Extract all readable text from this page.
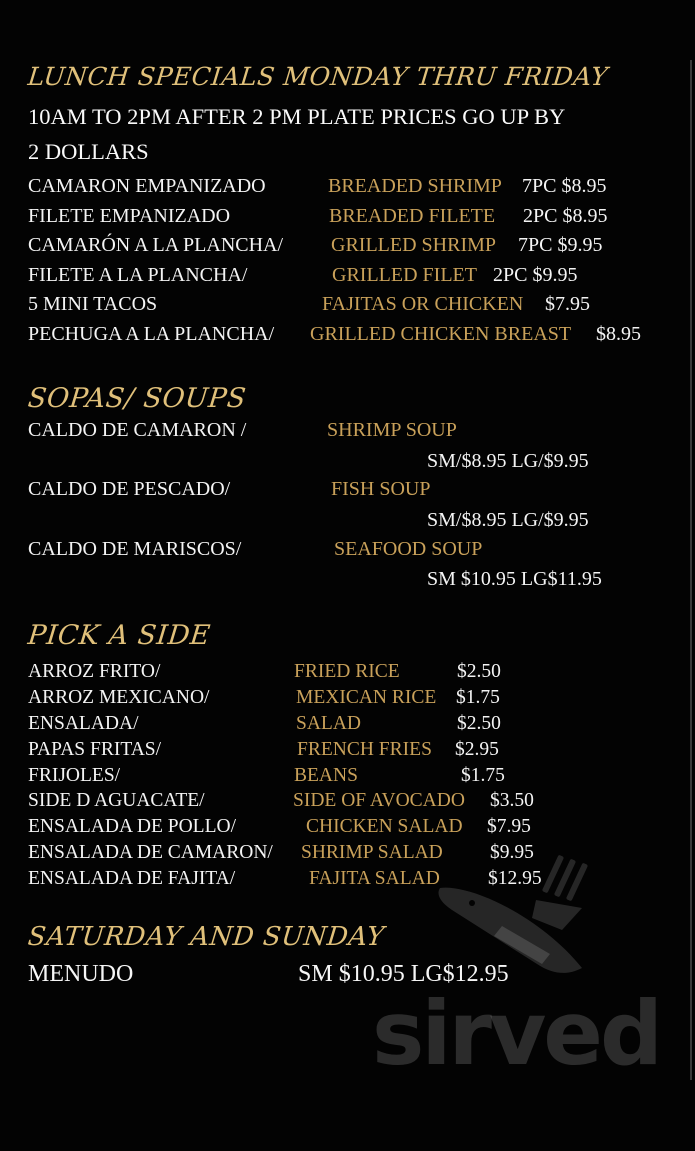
LUNCH SPECIALS MONDAY THRU FRIDAY
10AM TO 2PM AFTER 2 PM PLATE PRICES GO UP BY
2 DOLLARS
CAMARON EMPANIZADO	BREADED SHRIMP 7PC $8.95
FILETE EMPANIZADO	BREADED FILETE 2PC $8.95
CAMARÓN A LA PLANCHA/ GRILLED SHRIMP 7PC $9.95
FILETE A LA PLANCHA/	GRILLED FILET 2PC $9.95
5 MINI TACOS	FAJITAS OR CHICKEN $7.95
PECHUGA A LA PLANCHA/ GRILLED CHICKEN BREAST $8.95
SOPAS/ SOUPS
CALDO DE CAMARON /	SHRIMP SOUP
SM/$8.95 LG/$9.95
CALDO DE PESCADO/	FISH SOUP
SM/$8.95 LG/$9.95
CALDO DE MARISCOS/	SEAFOOD SOUP
SM $10.95 LG$11.95
PICK A SIDE
ARROZ FRITO/	FRIED RICE	$2.50
ARROZ MEXICANO/	MEXICAN RICE $1.75
ENSALADA/	SALAD	$2.50
PAPAS FRITAS/	FRENCH FRIES $2.95
FRIJOLES/	BEANS	$1.75
SIDE D AGUACATE/	SIDE OF AVOCADO $3.50
ENSALADA DE POLLO/	CHICKEN SALAD $7.95
ENSALADA DE CAMARON/ SHRIMP SALAD $9.95
ENSALADA DE FAJITA/	FAJITA SALAD $12.95
SATURDAY AND SUNDAY
MENUDO	SM $10.95 LG$12.95
sirved
